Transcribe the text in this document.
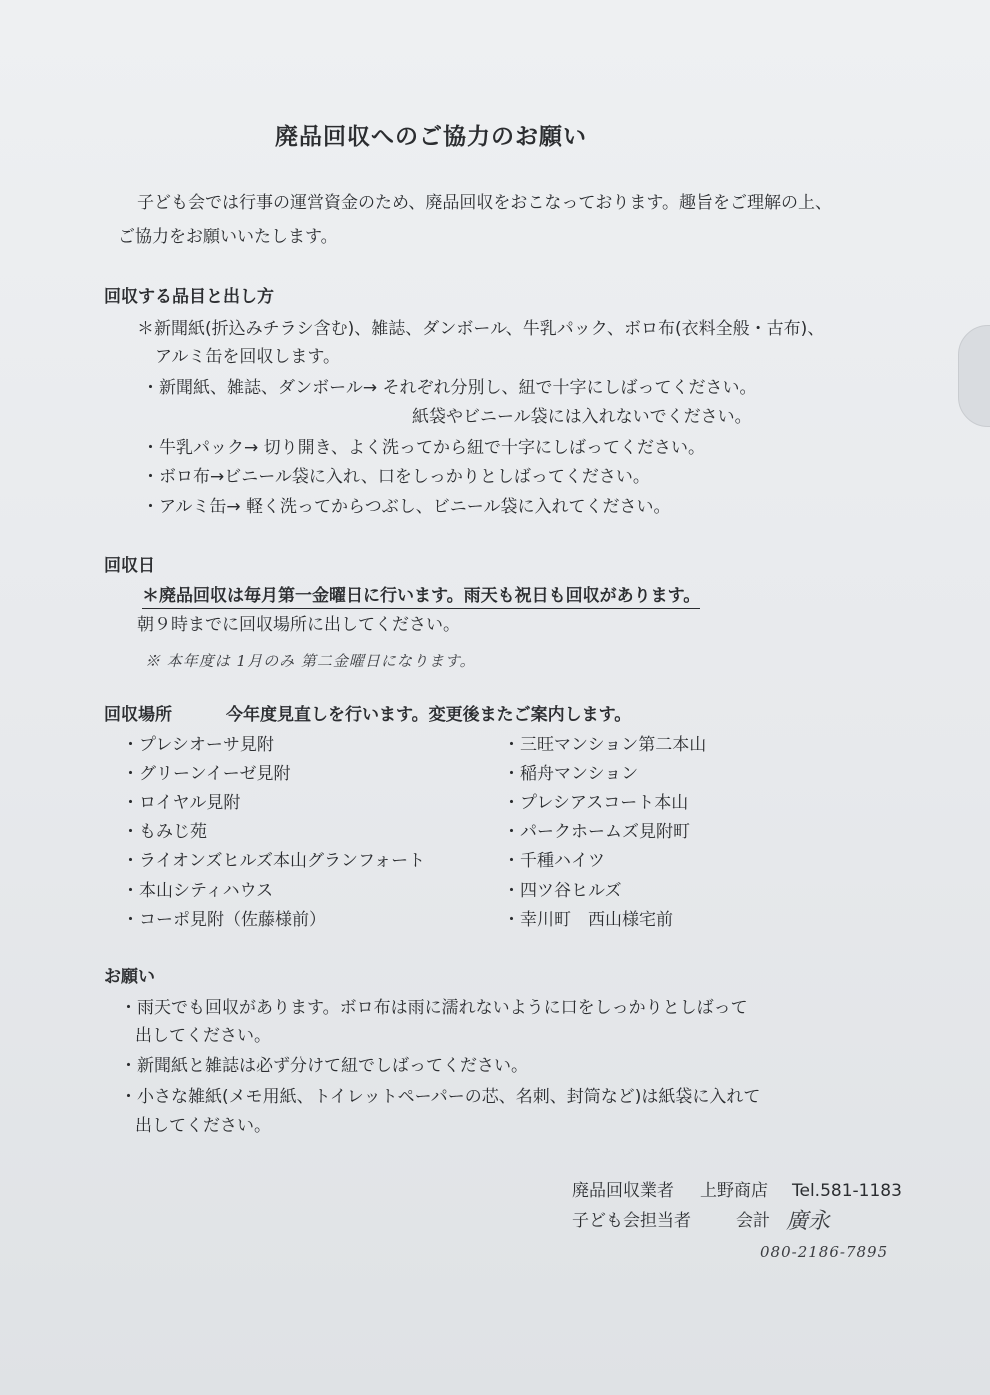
廃品回収へのご協力のお願い
子ども会では行事の運営資金のため、廃品回収をおこなっております。趣旨をご理解の上、
ご協力をお願いいたします。
回収する品目と出し方
＊新聞紙(折込みチラシ含む)、雑誌、ダンボール、牛乳パック、ボロ布(衣料全般・古布)、
アルミ缶を回収します。
・新聞紙、雑誌、ダンボール→ それぞれ分別し、紐で十字にしばってください。
紙袋やビニール袋には入れないでください。
・牛乳パック→ 切り開き、よく洗ってから紐で十字にしばってください。
・ボロ布→ビニール袋に入れ、口をしっかりとしばってください。
・アルミ缶→ 軽く洗ってからつぶし、ビニール袋に入れてください。
回収日
＊廃品回収は毎月第一金曜日に行います。雨天も祝日も回収があります。
朝９時までに回収場所に出してください。
※ 本年度は 1月のみ 第二金曜日になります。
回収場所	今年度見直しを行います。変更後またご案内します。
・プレシオーサ見附
・グリーンイーゼ見附
・ロイヤル見附
・もみじ苑
・ライオンズヒルズ本山グランフォート
・本山シティハウス
・コーポ見附（佐藤様前）
・三旺マンション第二本山
・稲舟マンション
・プレシアスコート本山
・パークホームズ見附町
・千種ハイツ
・四ツ谷ヒルズ
・幸川町　西山様宅前
お願い
・雨天でも回収があります。ボロ布は雨に濡れないように口をしっかりとしばって
出してください。
・新聞紙と雑誌は必ず分けて紐でしばってください。
・小さな雑紙(メモ用紙、トイレットペーパーの芯、名刺、封筒など)は紙袋に入れて
出してください。
廃品回収業者 上野商店 Tel.581-1183
子ども会担当者	会計 廣永
080-2186-7895
